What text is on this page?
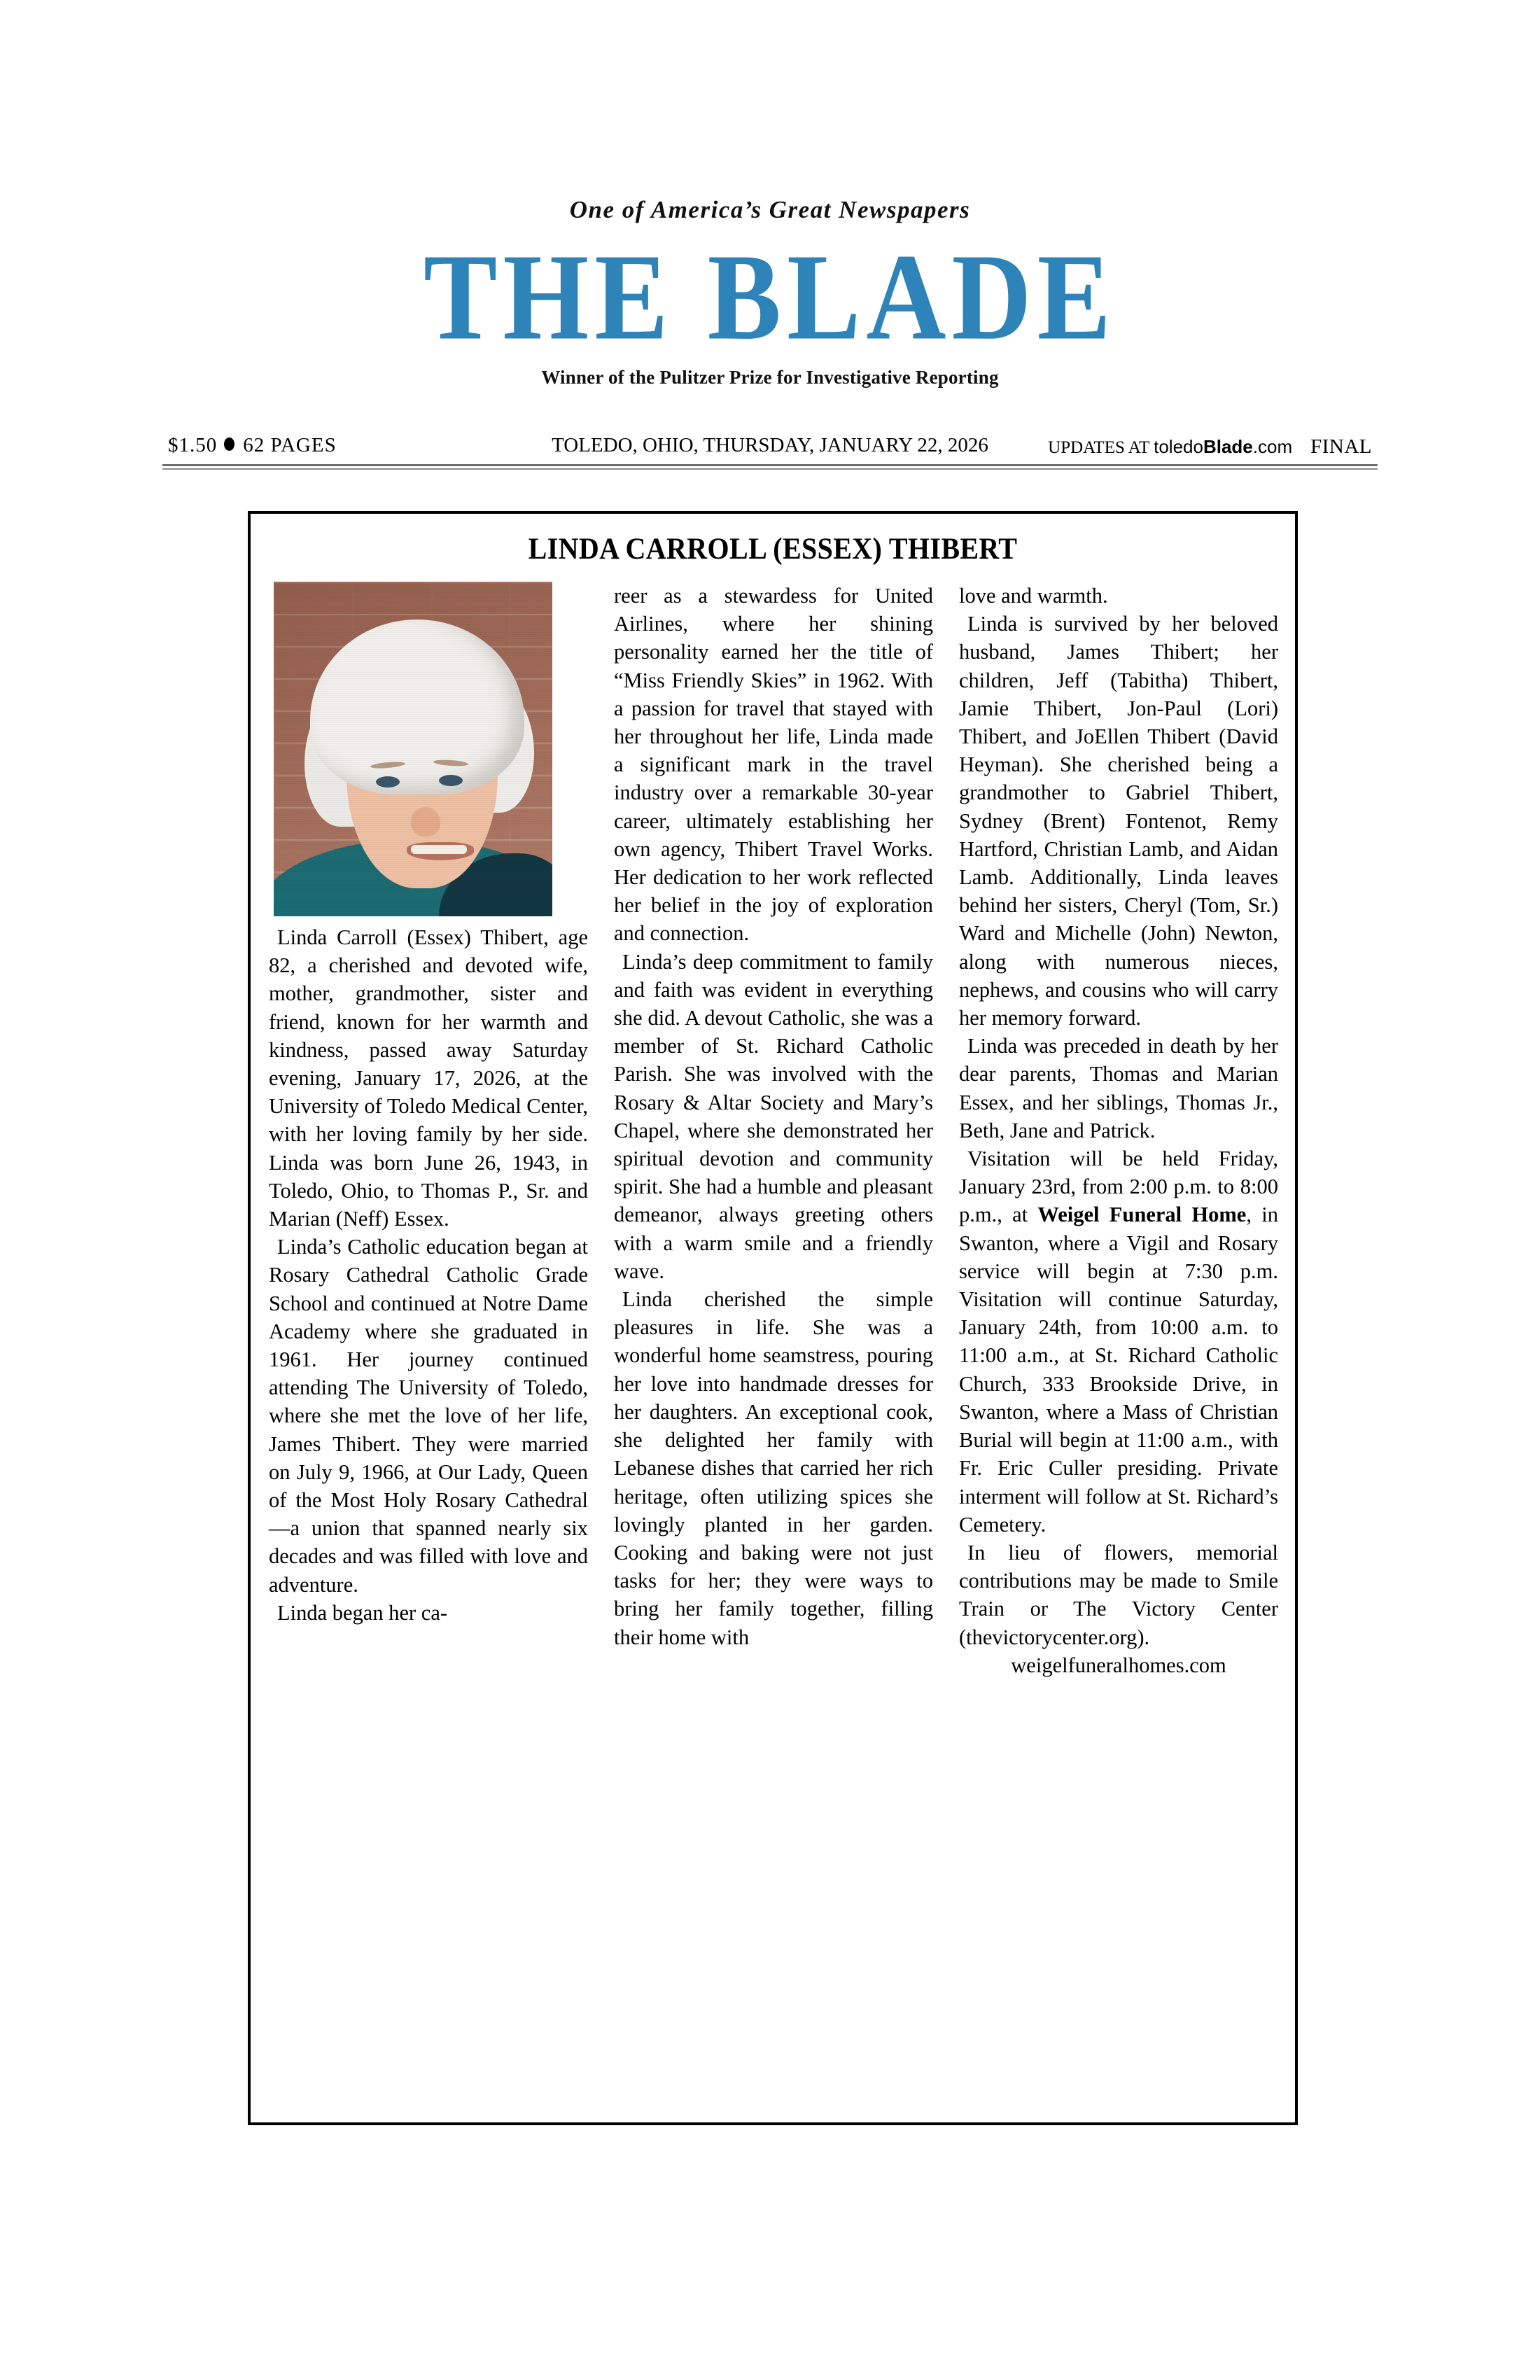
One of America’s Great Newspapers
THE BLADE
Winner of the Pulitzer Prize for Investigative Reporting
$1.50 62 PAGES	TOLEDO, OHIO, THURSDAY, JANUARY 22, 2026	UPDATES AT toledoBlade.com FINAL
LINDA CARROLL (ESSEX) THIBERT

Linda Carroll (Essex) Thibert, age 82, a cherished and devoted wife, mother, grandmother, sister and friend, known for her warmth and kindness, passed away Saturday evening, January 17, 2026, at the University of Toledo Medical Center, with her loving family by her side. Linda was born June 26, 1943, in Toledo, Ohio, to Thomas P., Sr. and Marian (Neff) Essex.

Linda’s Catholic education began at Rosary Cathedral Catholic Grade School and continued at Notre Dame Academy where she graduated in 1961. Her journey continued attending The University of Toledo, where she met the love of her life, James Thibert. They were married on July 9, 1966, at Our Lady, Queen of the Most Holy Rosary Cathedral—a union that spanned nearly six decades and was filled with love and adventure.

Linda began her ca-

reer as a stewardess for United Airlines, where her shining personality earned her the title of “Miss Friendly Skies” in 1962. With a passion for travel that stayed with her throughout her life, Linda made a significant mark in the travel industry over a remarkable 30-year career, ultimately establishing her own agency, Thibert Travel Works. Her dedication to her work reflected her belief in the joy of exploration and connection.

Linda’s deep commitment to family and faith was evident in everything she did. A devout Catholic, she was a member of St. Richard Catholic Parish. She was involved with the Rosary & Altar Society and Mary’s Chapel, where she demonstrated her spiritual devotion and community spirit. She had a humble and pleasant demeanor, always greeting others with a warm smile and a friendly wave.

Linda cherished the simple pleasures in life. She was a wonderful home seamstress, pouring her love into handmade dresses for her daughters. An exceptional cook, she delighted her family with Lebanese dishes that carried her rich heritage, often utilizing spices she lovingly planted in her garden. Cooking and baking were not just tasks for her; they were ways to bring her family together, filling their home with

love and warmth.

Linda is survived by her beloved husband, James Thibert; her children, Jeff (Tabitha) Thibert, Jamie Thibert, Jon-Paul (Lori) Thibert, and JoEllen Thibert (David Heyman). She cherished being a grandmother to Gabriel Thibert, Sydney (Brent) Fontenot, Remy Hartford, Christian Lamb, and Aidan Lamb. Additionally, Linda leaves behind her sisters, Cheryl (Tom, Sr.) Ward and Michelle (John) Newton, along with numerous nieces, nephews, and cousins who will carry her memory forward.

Linda was preceded in death by her dear parents, Thomas and Marian Essex, and her siblings, Thomas Jr., Beth, Jane and Patrick.

Visitation will be held Friday, January 23rd, from 2:00 p.m. to 8:00 p.m., at Weigel Funeral Home, in Swanton, where a Vigil and Rosary service will begin at 7:30 p.m. Visitation will continue Saturday, January 24th, from 10:00 a.m. to 11:00 a.m., at St. Richard Catholic Church, 333 Brookside Drive, in Swanton, where a Mass of Christian Burial will begin at 11:00 a.m., with Fr. Eric Culler presiding. Private interment will follow at St. Richard’s Cemetery.

In lieu of flowers, memorial contributions may be made to Smile Train or The Victory Center (thevictorycenter.org).

weigelfuneralhomes.com
